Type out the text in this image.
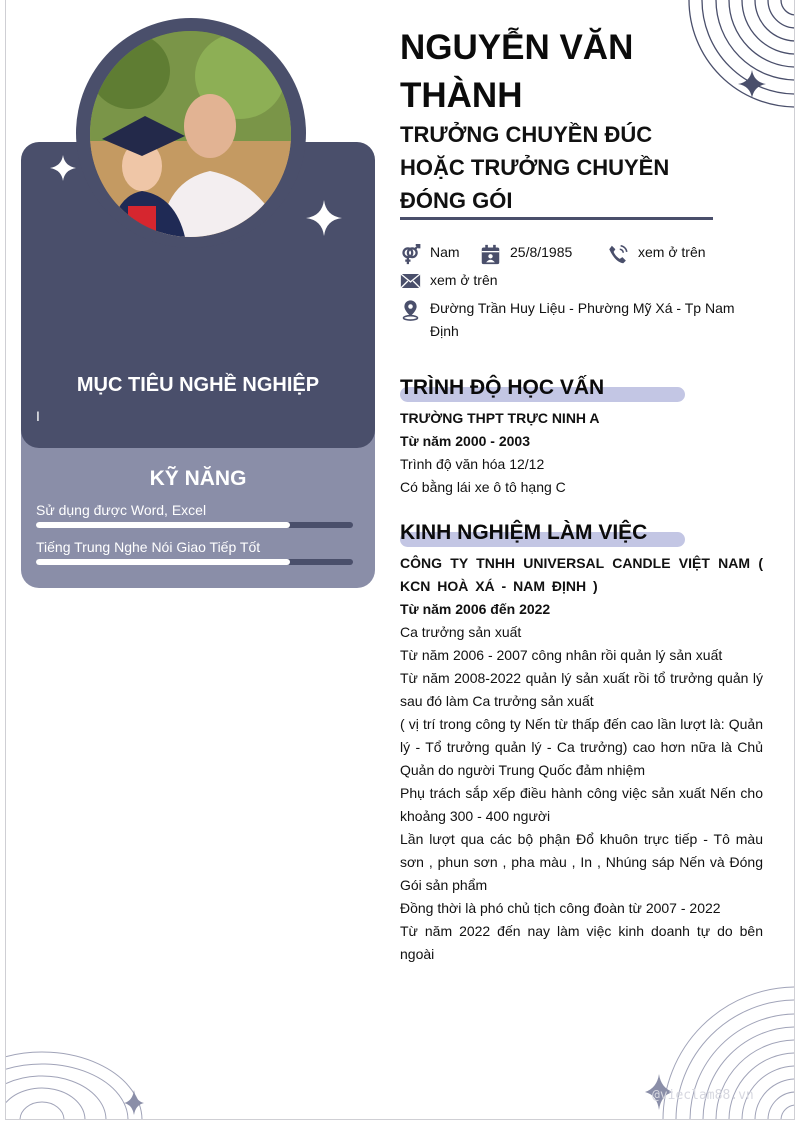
MỤC TIÊU NGHỀ NGHIỆP
I
KỸ NĂNG
Sử dụng được Word, Excel
Tiếng Trung Nghe Nói Giao Tiếp Tốt
NGUYỄN VĂN THÀNH
TRƯỞNG CHUYỀN ĐÚC HOẶC TRƯỞNG CHUYỀN ĐÓNG GÓI
Nam	25/8/1985	xem ở trên
xem ở trên
Đường Trần Huy Liệu - Phường Mỹ Xá - Tp Nam Định
TRÌNH ĐỘ HỌC VẤN
TRƯỜNG THPT TRỰC NINH A
Từ năm 2000 - 2003
Trình độ văn hóa 12/12
Có bằng lái xe ô tô hạng C
KINH NGHIỆM LÀM VIỆC
CÔNG TY TNHH UNIVERSAL CANDLE VIỆT NAM ( KCN HOÀ XÁ - NAM ĐỊNH )
Từ năm 2006 đến 2022
Ca trưởng sản xuất
Từ năm 2006 - 2007 công nhân rồi quản lý sản xuất
Từ năm 2008-2022 quản lý sản xuất rồi tổ trưởng quản lý sau đó làm Ca trưởng sản xuất
( vị trí trong công ty Nến từ thấp đến cao lần lượt là: Quản lý - Tổ trưởng quản lý - Ca trưởng) cao hơn nữa là Chủ Quản do người Trung Quốc đảm nhiệm
Phụ trách sắp xếp điều hành công việc sản xuất Nến cho khoảng 300 - 400 người
Lần lượt qua các bộ phận Đổ khuôn trực tiếp - Tô màu sơn , phun sơn , pha màu , In , Nhúng sáp Nến và Đóng Gói sản phẩm
Đồng thời là phó chủ tịch công đoàn từ 2007 - 2022
Từ năm 2022 đến nay làm việc kinh doanh tự do bên ngoài
@vieclam88.vn
